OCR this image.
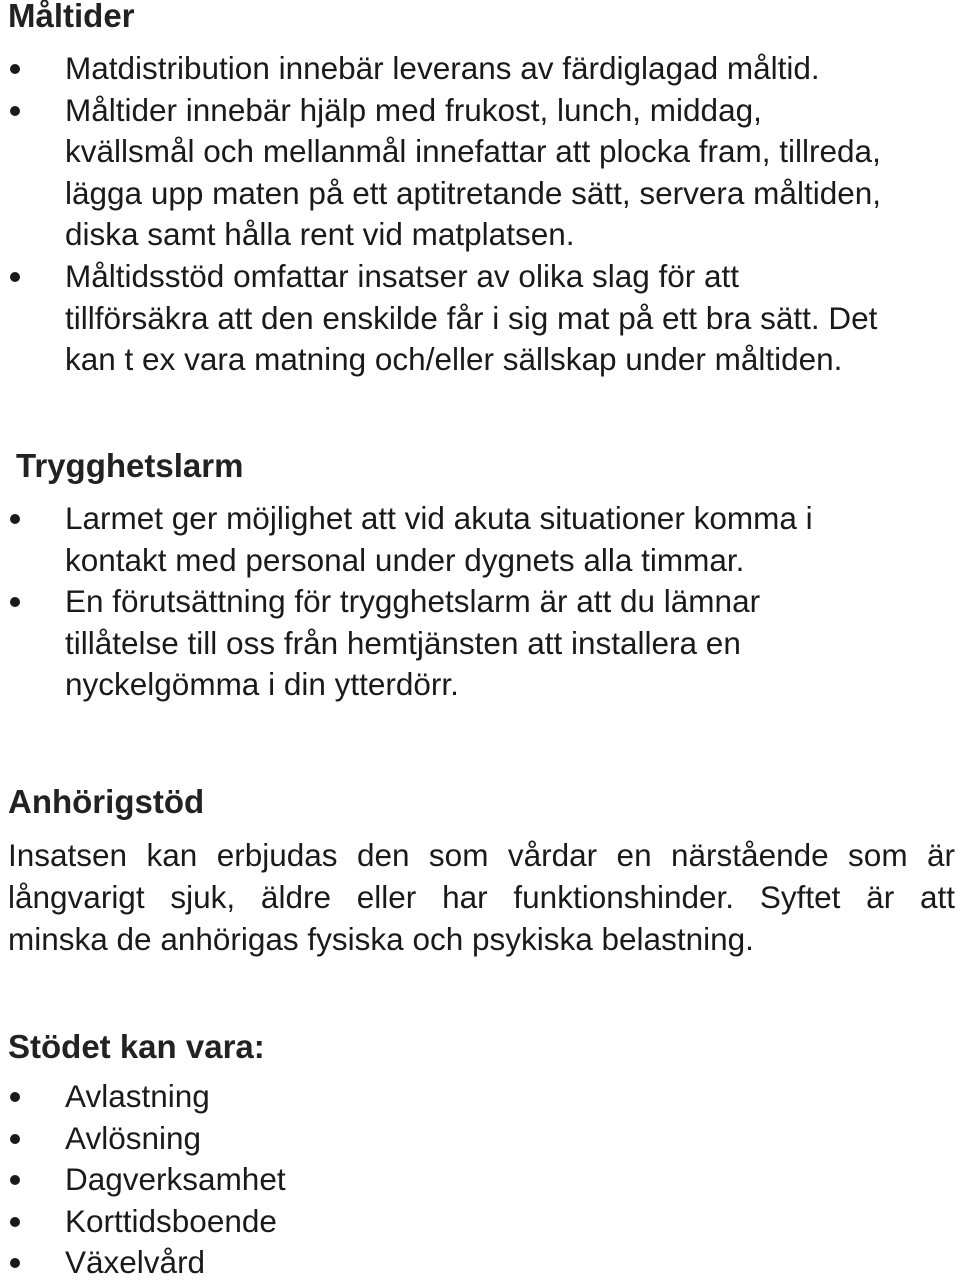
Måltider
Matdistribution innebär leverans av färdiglagad måltid.
Måltider innebär hjälp med frukost, lunch, middag,
kvällsmål och mellanmål innefattar att plocka fram, tillreda,
lägga upp maten på ett aptitretande sätt, servera måltiden,
diska samt hålla rent vid matplatsen.
Måltidsstöd omfattar insatser av olika slag för att
tillförsäkra att den enskilde får i sig mat på ett bra sätt. Det
kan t ex vara matning och/eller sällskap under måltiden.
Trygghetslarm
Larmet ger möjlighet att vid akuta situationer komma i
kontakt med personal under dygnets alla timmar.
En förutsättning för trygghetslarm är att du lämnar
tillåtelse till oss från hemtjänsten att installera en
nyckelgömma i din ytterdörr.
Anhörigstöd

Insatsen kan erbjudas den som vårdar en närstående som är
långvarigt sjuk, äldre eller har funktionshinder. Syftet är att
minska de anhörigas fysiska och psykiska belastning.

Stödet kan vara:
Avlastning
Avlösning
Dagverksamhet
Korttidsboende
Växelvård
